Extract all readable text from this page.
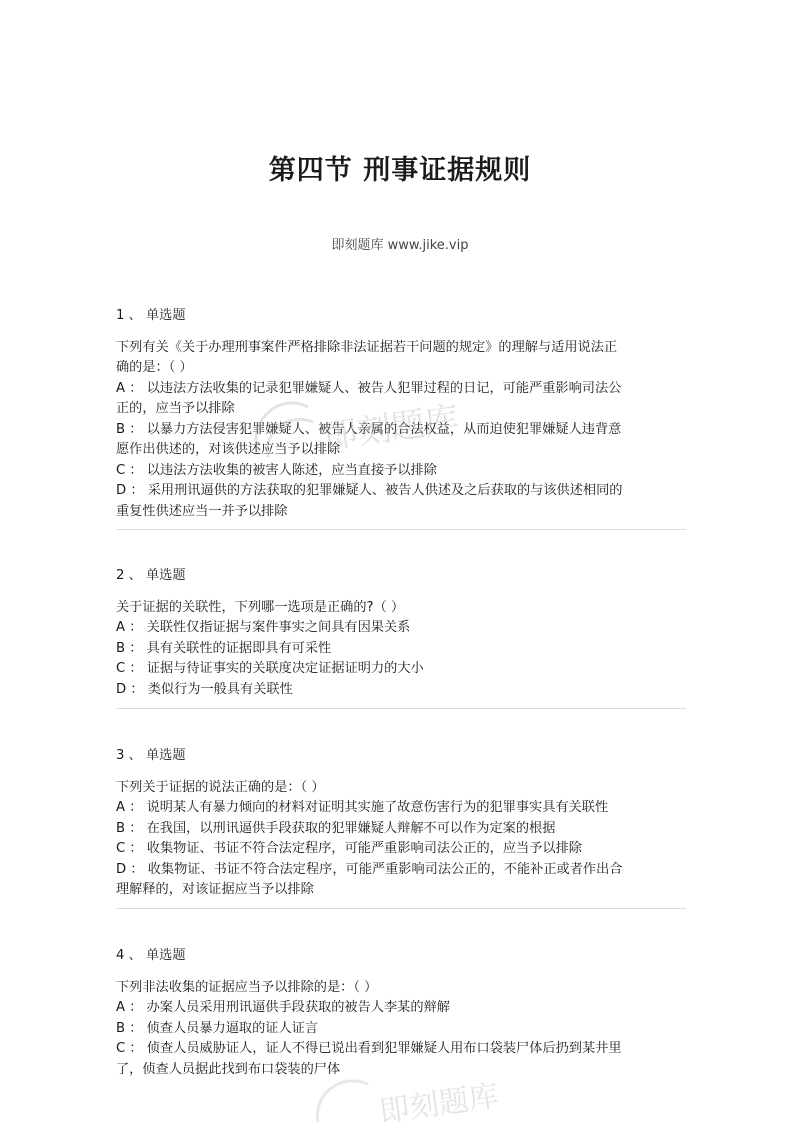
第四节 刑事证据规则
即刻题库 www.jike.vip
1 、 单选题

下列有关《关于办理刑事案件严格排除非法证据若干问题的规定》的理解与适用说法正

确的是：（ ）

A ： 以违法方法收集的记录犯罪嫌疑人、被告人犯罪过程的日记，可能严重影响司法公

正的，应当予以排除

B ： 以暴力方法侵害犯罪嫌疑人、被告人亲属的合法权益，从而迫使犯罪嫌疑人违背意

愿作出供述的，对该供述应当予以排除

C ： 以违法方法收集的被害人陈述，应当直接予以排除

D ： 采用刑讯逼供的方法获取的犯罪嫌疑人、被告人供述及之后获取的与该供述相同的

重复性供述应当一并予以排除

2 、 单选题

关于证据的关联性，下列哪一选项是正确的?（ ）

A ： 关联性仅指证据与案件事实之间具有因果关系

B ： 具有关联性的证据即具有可采性

C ： 证据与待证事实的关联度决定证据证明力的大小

D ： 类似行为一般具有关联性

3 、 单选题

下列关于证据的说法正确的是：（ ）

A ： 说明某人有暴力倾向的材料对证明其实施了故意伤害行为的犯罪事实具有关联性

B ： 在我国，以刑讯逼供手段获取的犯罪嫌疑人辩解不可以作为定案的根据

C ： 收集物证、书证不符合法定程序，可能严重影响司法公正的，应当予以排除

D ： 收集物证、书证不符合法定程序，可能严重影响司法公正的，不能补正或者作出合

理解释的，对该证据应当予以排除

4 、 单选题

下列非法收集的证据应当予以排除的是：（ ）

A ： 办案人员采用刑讯逼供手段获取的被告人李某的辩解

B ： 侦查人员暴力逼取的证人证言

C ： 侦查人员威胁证人，证人不得已说出看到犯罪嫌疑人用布口袋装尸体后扔到某井里

了，侦查人员据此找到布口袋装的尸体

即刻题库
即刻题库
